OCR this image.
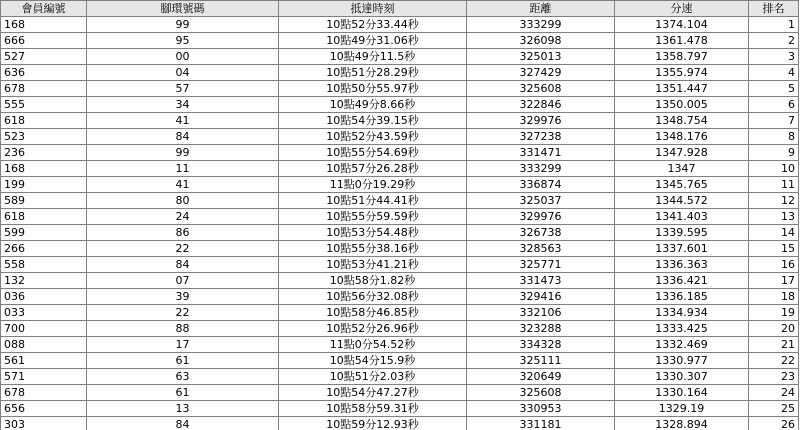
會員編號	腳環號碼	抵達時刻	距離	分速	排名
168	99	10點52分33.44秒	333299	1374.104	1
666	95	10點49分31.06秒	326098	1361.478	2
527	00	10點49分11.5秒	325013	1358.797	3
636	04	10點51分28.29秒	327429	1355.974	4
678	57	10點50分55.97秒	325608	1351.447	5
555	34	10點49分8.66秒	322846	1350.005	6
618	41	10點54分39.15秒	329976	1348.754	7
523	84	10點52分43.59秒	327238	1348.176	8
236	99	10點55分54.69秒	331471	1347.928	9
168	11	10點57分26.28秒	333299	1347	10
199	41	11點0分19.29秒	336874	1345.765	11
589	80	10點51分44.41秒	325037	1344.572	12
618	24	10點55分59.59秒	329976	1341.403	13
599	86	10點53分54.48秒	326738	1339.595	14
266	22	10點55分38.16秒	328563	1337.601	15
558	84	10點53分41.21秒	325771	1336.363	16
132	07	10點58分1.82秒	331473	1336.421	17
036	39	10點56分32.08秒	329416	1336.185	18
033	22	10點58分46.85秒	332106	1334.934	19
700	88	10點52分26.96秒	323288	1333.425	20
088	17	11點0分54.52秒	334328	1332.469	21
561	61	10點54分15.9秒	325111	1330.977	22
571	63	10點51分2.03秒	320649	1330.307	23
678	61	10點54分47.27秒	325608	1330.164	24
656	13	10點58分59.31秒	330953	1329.19	25
303	84	10點59分12.93秒	331181	1328.894	26
